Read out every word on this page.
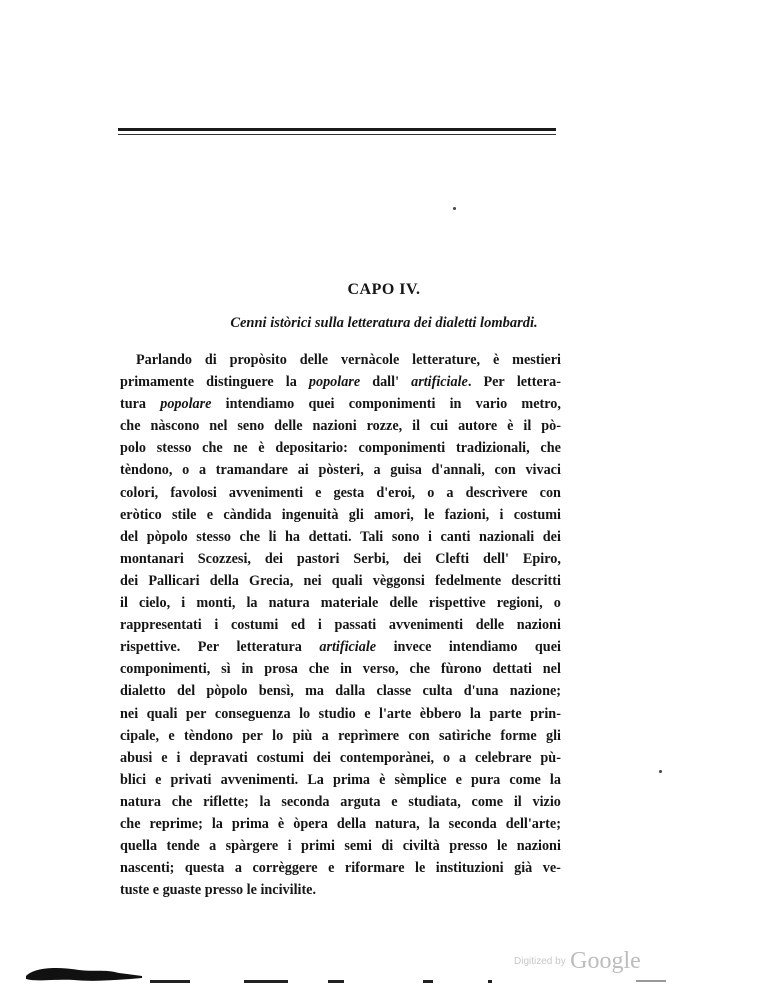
CAPO IV.
Cenni istòrici sulla letteratura dei dialetti lombardi.
Parlando di propòsito delle vernàcole letterature, è mestieri
primamente distinguere la popolare dall' artificiale. Per lettera-
tura popolare intendiamo quei componimenti in vario metro,
che nàscono nel seno delle nazioni rozze, il cui autore è il pò-
polo stesso che ne è depositario: componimenti tradizionali, che
tèndono, o a tramandare ai pòsteri, a guisa d'annali, con vivaci
colori, favolosi avvenimenti e gesta d'eroi, o a descrìvere con
eròtico stile e càndida ingenuità gli amori, le fazioni, i costumi
del pòpolo stesso che li ha dettati. Tali sono i canti nazionali dei
montanari Scozzesi, dei pastori Serbi, dei Clefti dell' Epiro,
dei Pallicari della Grecia, nei quali vèggonsi fedelmente descritti
il cielo, i monti, la natura materiale delle rispettive regioni, o
rappresentati i costumi ed i passati avvenimenti delle nazioni
rispettive. Per letteratura artificiale invece intendiamo quei
componimenti, sì in prosa che in verso, che fùrono dettati nel
dialetto del pòpolo bensì, ma dalla classe culta d'una nazione;
nei quali per conseguenza lo studio e l'arte èbbero la parte prin-
cipale, e tèndono per lo più a reprìmere con satìriche forme gli
abusi e i depravati costumi dei contemporànei, o a celebrare pù-
blici e privati avvenimenti. La prima è sèmplice e pura come la
natura che riflette; la seconda arguta e studiata, come il vizio
che reprime; la prima è òpera della natura, la seconda dell'arte;
quella tende a spàrgere i primi semi di civiltà presso le nazioni
nascenti; questa a corrèggere e riformare le instituzioni già ve-
tuste e guaste presso le incivilite.
Digitized by Google
